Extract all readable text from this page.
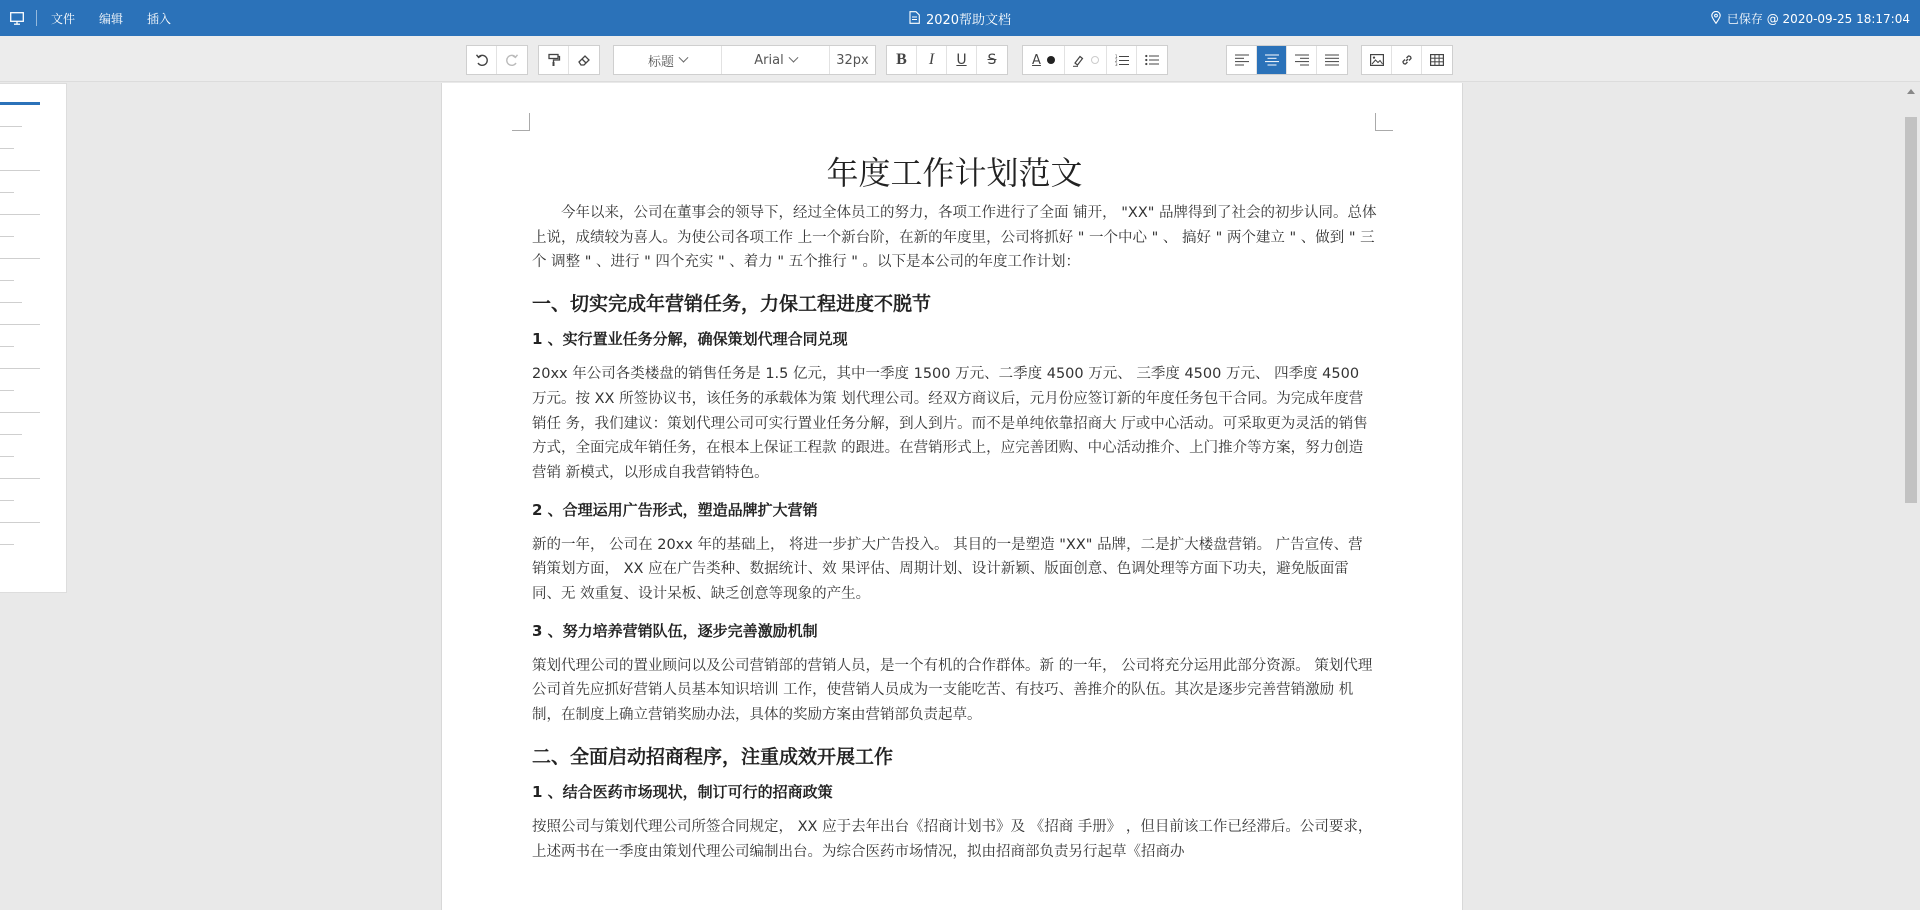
文件 编辑 插入	2020帮助文档	已保存 @ 2020-09-25 18:17:04
标题	Arial	32px B I U S	A	1
2
3
年度工作计划范文

今年以来，公司在董事会的领导下，经过全体员工的努力，各项工作进行了全面 铺开， "XX" 品牌得到了社会的初步认同。总体上说，成绩较为喜人。为使公司各项工作 上一个新台阶，在新的年度里，公司将抓好 " 一个中心 " 、 搞好 " 两个建立 " 、做到 " 三个 调整 " 、进行 " 四个充实 " 、着力 " 五个推行 " 。以下是本公司的年度工作计划：

一、切实完成年营销任务，力保工程进度不脱节
1 、实行置业任务分解，确保策划代理合同兑现

20xx 年公司各类楼盘的销售任务是 1.5 亿元，其中一季度 1500 万元、二季度 4500 万元、 三季度 4500 万元、 四季度 4500 万元。按 XX 所签协议书，该任务的承载体为策 划代理公司。经双方商议后，元月份应签订新的年度任务包干合同。为完成年度营销任 务，我们建议：策划代理公司可实行置业任务分解，到人到片。而不是单纯依靠招商大 厅或中心活动。可采取更为灵活的销售方式，全面完成年销任务，在根本上保证工程款 的跟进。在营销形式上，应完善团购、中心活动推介、上门推介等方案，努力创造营销 新模式，以形成自我营销特色。

2 、合理运用广告形式，塑造品牌扩大营销

新的一年， 公司在 20xx 年的基础上， 将进一步扩大广告投入。 其目的一是塑造 "XX" 品牌，二是扩大楼盘营销。 广告宣传、营销策划方面， XX 应在广告类种、数据统计、效 果评估、周期计划、设计新颖、版面创意、色调处理等方面下功夫，避免版面雷同、无 效重复、设计呆板、缺乏创意等现象的产生。

3 、努力培养营销队伍，逐步完善激励机制

策划代理公司的置业顾问以及公司营销部的营销人员，是一个有机的合作群体。新 的一年， 公司将充分运用此部分资源。 策划代理公司首先应抓好营销人员基本知识培训 工作，使营销人员成为一支能吃苦、有技巧、善推介的队伍。其次是逐步完善营销激励 机制，在制度上确立营销奖励办法，具体的奖励方案由营销部负责起草。

二、全面启动招商程序，注重成效开展工作
1 、结合医药市场现状，制订可行的招商政策

按照公司与策划代理公司所签合同规定， XX 应于去年出台《招商计划书》及 《招商 手册》 ，但目前该工作已经滞后。公司要求，上述两书在一季度由策划代理公司编制出台。为综合医药市场情况，拟由招商部负责另行起草《招商办
